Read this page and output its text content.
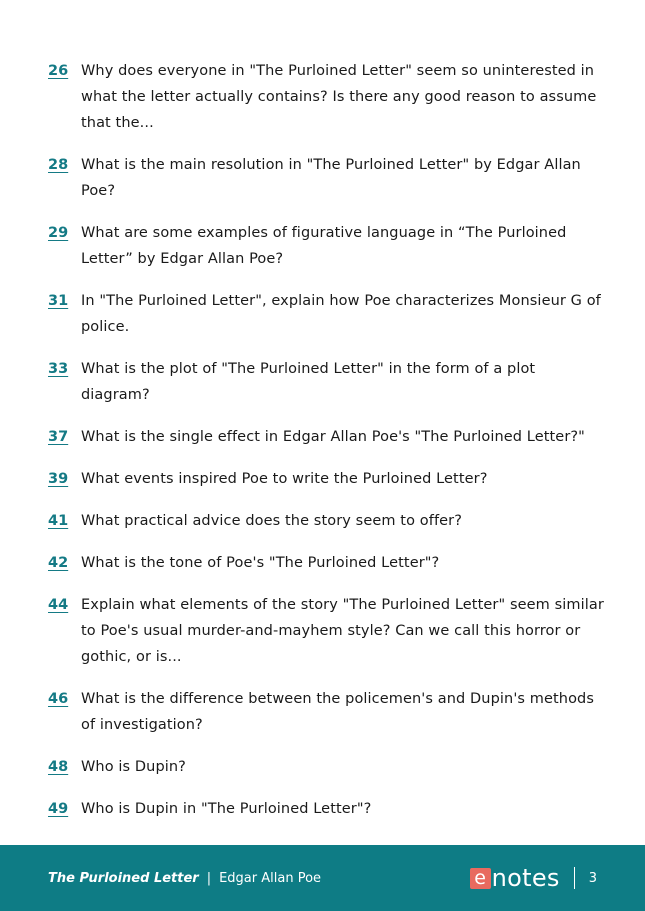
26 Why does everyone in "The Purloined Letter" seem so uninterested in what the letter actually contains? Is there any good reason to assume that the...
28 What is the main resolution in "The Purloined Letter" by Edgar Allan Poe?
29 What are some examples of figurative language in “The Purloined Letter” by Edgar Allan Poe?
31 In "The Purloined Letter", explain how Poe characterizes Monsieur G of police.
33 What is the plot of "The Purloined Letter" in the form of a plot diagram?
37 What is the single effect in Edgar Allan Poe's "The Purloined Letter?"
39 What events inspired Poe to write the Purloined Letter?
41 What practical advice does the story seem to offer?
42 What is the tone of Poe's "The Purloined Letter"?
44 Explain what elements of the story "The Purloined Letter" seem similar to Poe's usual murder-and-mayhem style? Can we call this horror or gothic, or is...
46 What is the difference between the policemen's and Dupin's methods of investigation?
48 Who is Dupin?
49 Who is Dupin in "The Purloined Letter"?
The Purloined Letter | Edgar Allan Poe	e notes 3
